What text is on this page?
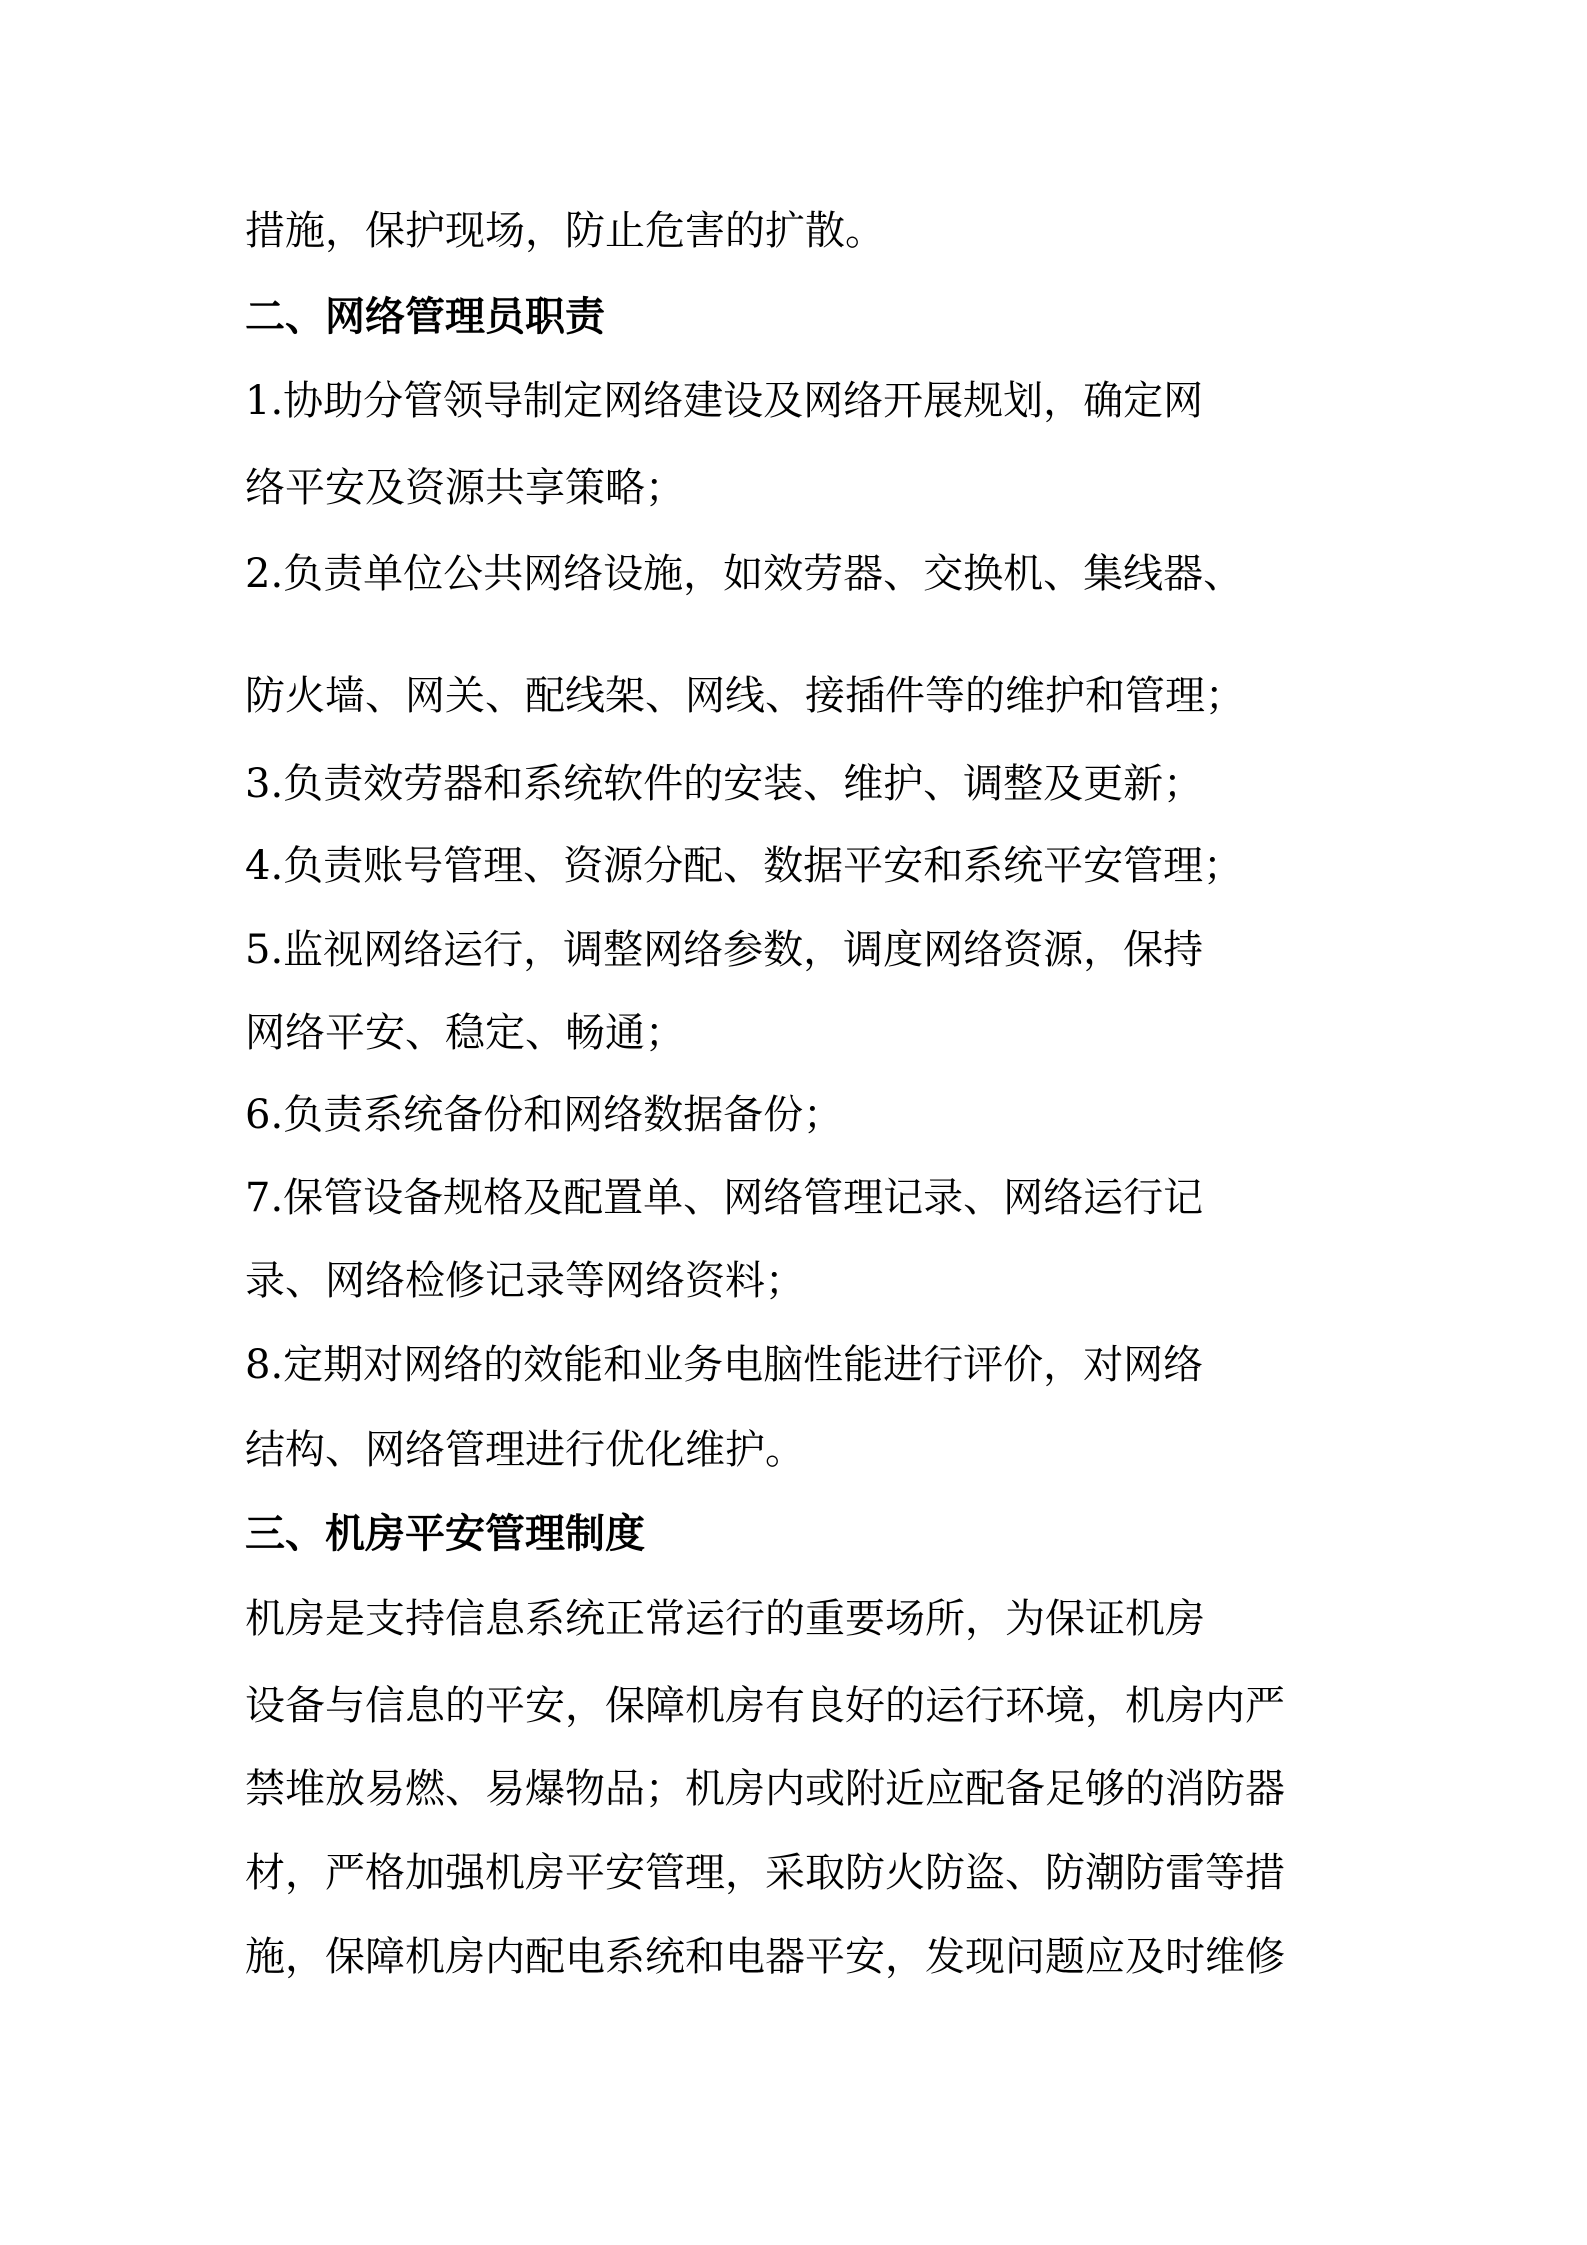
措施，保护现场，防止危害的扩散。
二、网络管理员职责
1.协助分管领导制定网络建设及网络开展规划，确定网
络平安及资源共享策略；
2.负责单位公共网络设施，如效劳器、交换机、集线器、
防火墙、网关、配线架、网线、接插件等的维护和管理；
3.负责效劳器和系统软件的安装、维护、调整及更新；
4.负责账号管理、资源分配、数据平安和系统平安管理；
5.监视网络运行，调整网络参数，调度网络资源，保持
网络平安、稳定、畅通；
6.负责系统备份和网络数据备份；
7.保管设备规格及配置单、网络管理记录、网络运行记
录、网络检修记录等网络资料；
8.定期对网络的效能和业务电脑性能进行评价，对网络
结构、网络管理进行优化维护。
三、机房平安管理制度
机房是支持信息系统正常运行的重要场所，为保证机房
设备与信息的平安，保障机房有良好的运行环境，机房内严
禁堆放易燃、易爆物品；机房内或附近应配备足够的消防器
材，严格加强机房平安管理，采取防火防盗、防潮防雷等措
施，保障机房内配电系统和电器平安，发现问题应及时维修
